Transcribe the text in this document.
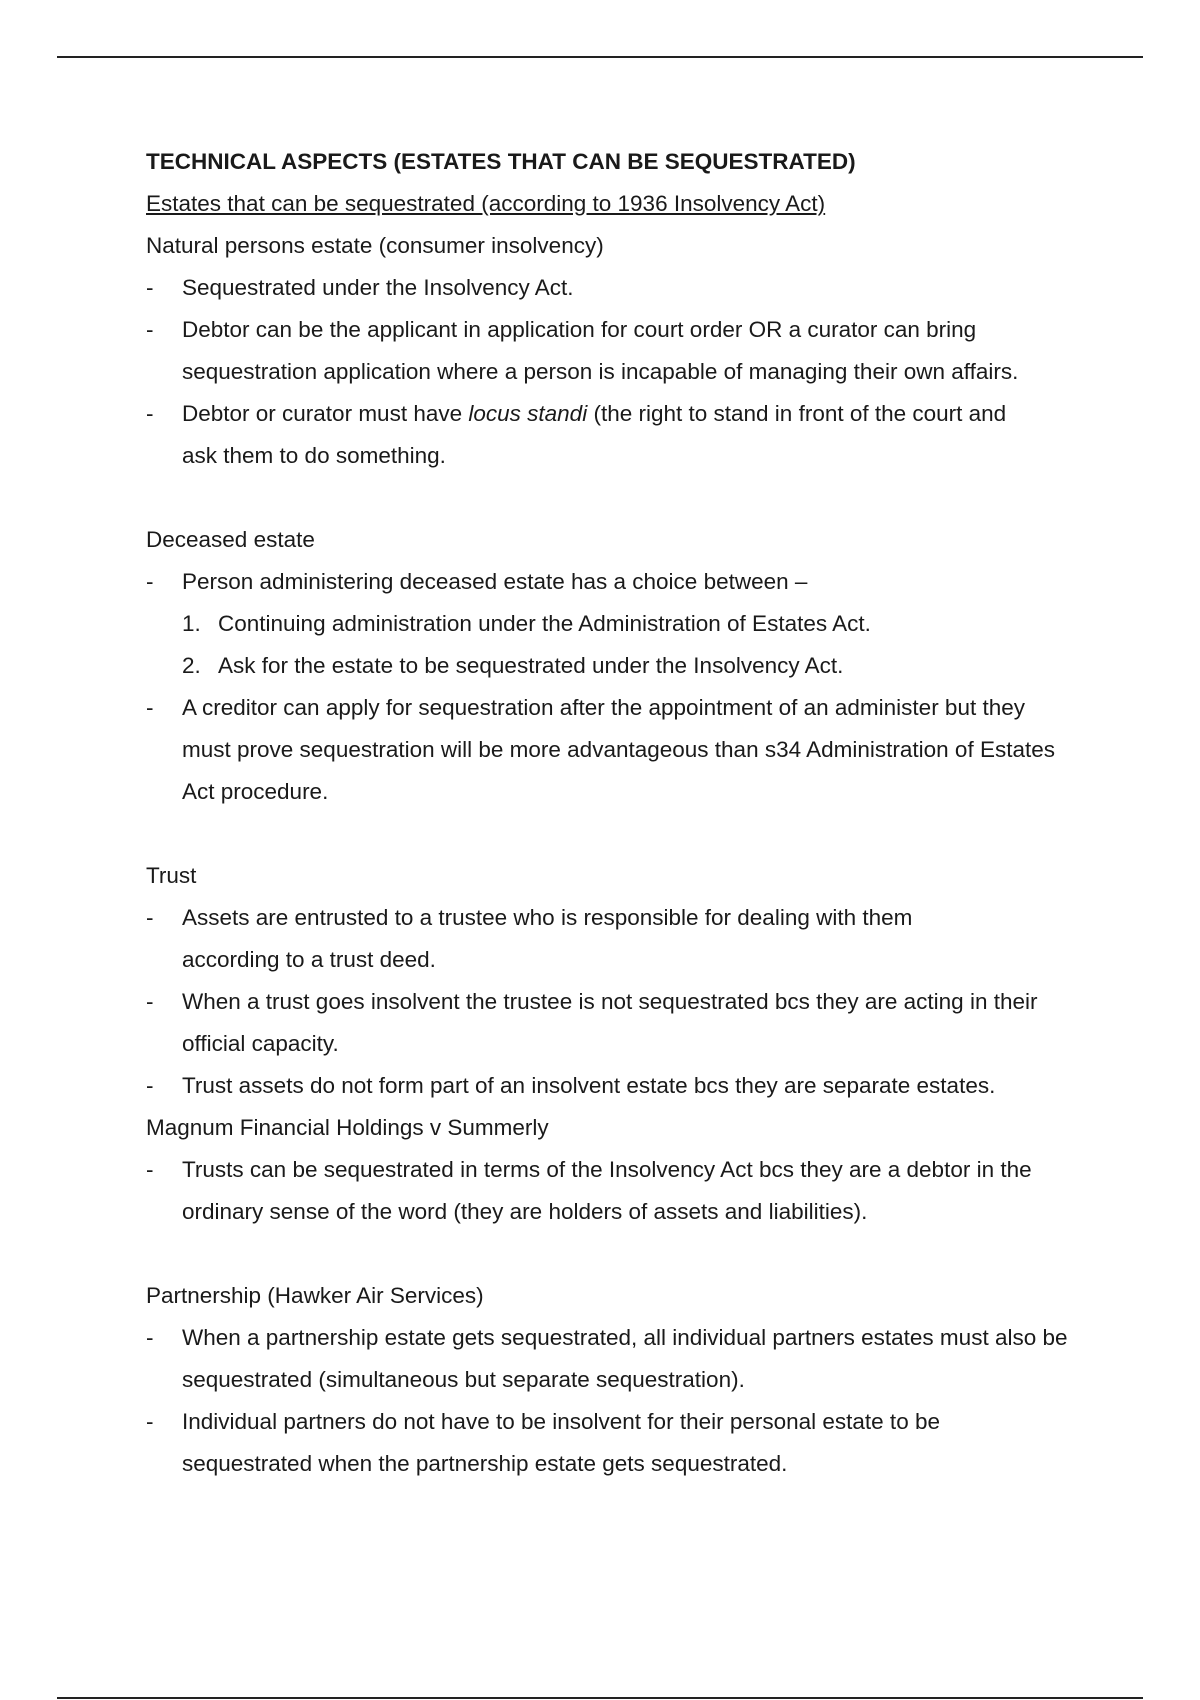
TECHNICAL ASPECTS (ESTATES THAT CAN BE SEQUESTRATED)

Estates that can be sequestrated (according to 1936 Insolvency Act)

Natural persons estate (consumer insolvency)

-	Sequestrated under the Insolvency Act.
-	Debtor can be the applicant in application for court order OR a curator can bring sequestration application where a person is incapable of managing their own affairs.
-	Debtor or curator must have locus standi (the right to stand in front of the court and ask them to do something.

Deceased estate

-	Person administering deceased estate has a choice between –
1. Continuing administration under the Administration of Estates Act.
2. Ask for the estate to be sequestrated under the Insolvency Act.
-	A creditor can apply for sequestration after the appointment of an administer but they must prove sequestration will be more advantageous than s34 Administration of Estates Act procedure.

Trust

-	Assets are entrusted to a trustee who is responsible for dealing with them according to a trust deed.
-	When a trust goes insolvent the trustee is not sequestrated bcs they are acting in their official capacity.
-	Trust assets do not form part of an insolvent estate bcs they are separate estates.

Magnum Financial Holdings v Summerly

-	Trusts can be sequestrated in terms of the Insolvency Act bcs they are a debtor in the ordinary sense of the word (they are holders of assets and liabilities).

Partnership (Hawker Air Services)

-	When a partnership estate gets sequestrated, all individual partners estates must also be sequestrated (simultaneous but separate sequestration).
-	Individual partners do not have to be insolvent for their personal estate to be sequestrated when the partnership estate gets sequestrated.
